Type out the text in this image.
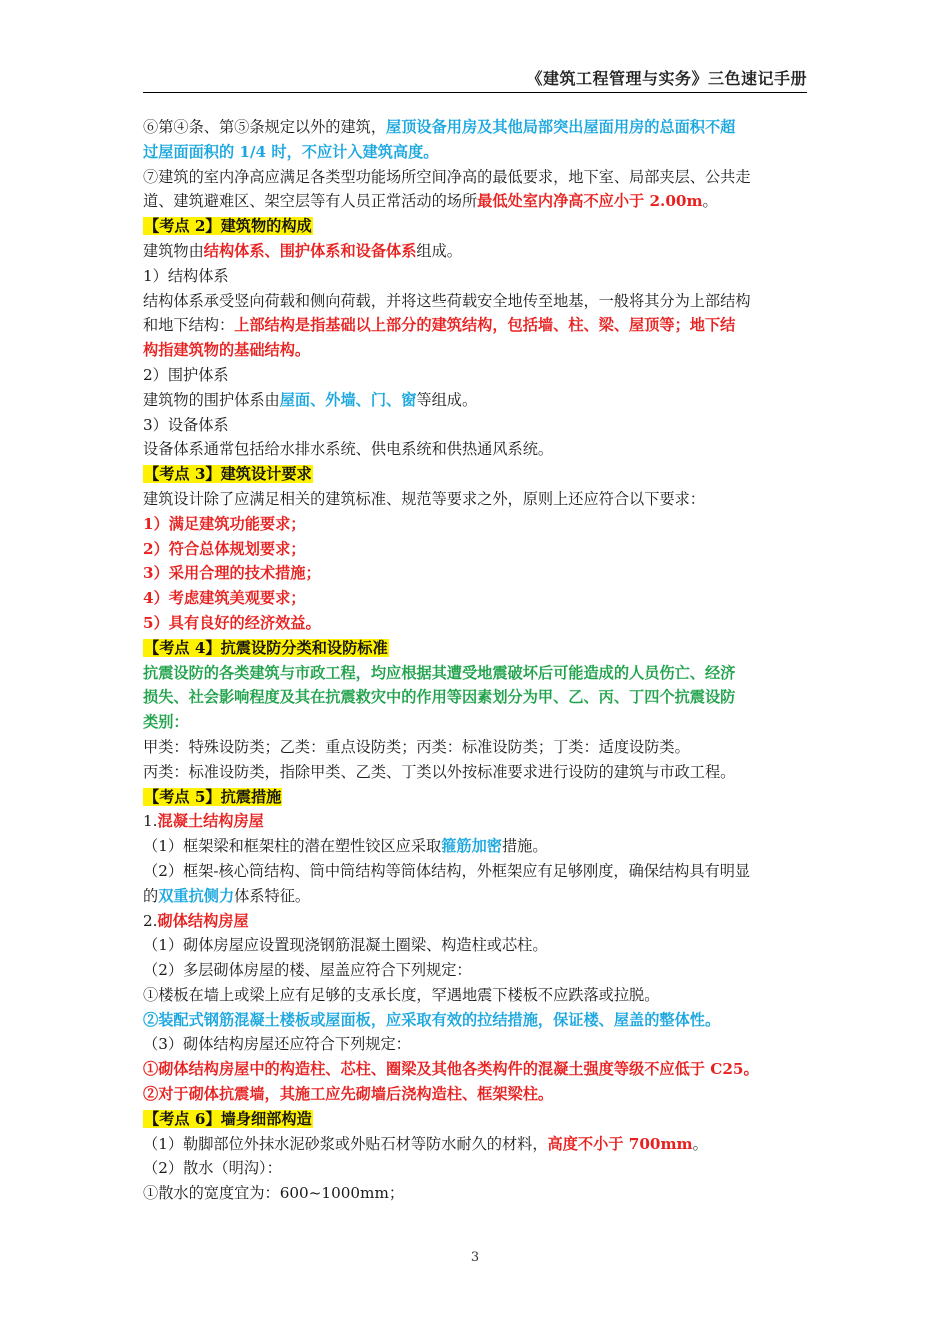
《建筑工程管理与实务》三色速记手册
⑥第④条、第⑤条规定以外的建筑，屋顶设备用房及其他局部突出屋面用房的总面积不超
过屋面面积的 1/4 时，不应计入建筑高度。
⑦建筑的室内净高应满足各类型功能场所空间净高的最低要求，地下室、局部夹层、公共走
道、建筑避难区、架空层等有人员正常活动的场所最低处室内净高不应小于 2.00m。
【考点 2】建筑物的构成
建筑物由结构体系、围护体系和设备体系组成。
1）结构体系
结构体系承受竖向荷载和侧向荷载，并将这些荷载安全地传至地基，一般将其分为上部结构
和地下结构：上部结构是指基础以上部分的建筑结构，包括墙、柱、梁、屋顶等；地下结
构指建筑物的基础结构。
2）围护体系
建筑物的围护体系由屋面、外墙、门、窗等组成。
3）设备体系
设备体系通常包括给水排水系统、供电系统和供热通风系统。
【考点 3】建筑设计要求
建筑设计除了应满足相关的建筑标准、规范等要求之外，原则上还应符合以下要求：
1）满足建筑功能要求；
2）符合总体规划要求；
3）采用合理的技术措施；
4）考虑建筑美观要求；
5）具有良好的经济效益。
【考点 4】抗震设防分类和设防标准
抗震设防的各类建筑与市政工程，均应根据其遭受地震破坏后可能造成的人员伤亡、经济
损失、社会影响程度及其在抗震救灾中的作用等因素划分为甲、乙、丙、丁四个抗震设防
类别：
甲类：特殊设防类；乙类：重点设防类；丙类：标准设防类；丁类：适度设防类。
丙类：标准设防类，指除甲类、乙类、丁类以外按标准要求进行设防的建筑与市政工程。
【考点 5】抗震措施
1.混凝土结构房屋
（1）框架梁和框架柱的潜在塑性铰区应采取箍筋加密措施。
（2）框架-核心筒结构、筒中筒结构等筒体结构，外框架应有足够刚度，确保结构具有明显
的双重抗侧力体系特征。
2.砌体结构房屋
（1）砌体房屋应设置现浇钢筋混凝土圈梁、构造柱或芯柱。
（2）多层砌体房屋的楼、屋盖应符合下列规定：
①楼板在墙上或梁上应有足够的支承长度，罕遇地震下楼板不应跌落或拉脱。
②装配式钢筋混凝土楼板或屋面板，应采取有效的拉结措施，保证楼、屋盖的整体性。
（3）砌体结构房屋还应符合下列规定：
①砌体结构房屋中的构造柱、芯柱、圈梁及其他各类构件的混凝土强度等级不应低于 C25。
②对于砌体抗震墙，其施工应先砌墙后浇构造柱、框架梁柱。
【考点 6】墙身细部构造
（1）勒脚部位外抹水泥砂浆或外贴石材等防水耐久的材料，高度不小于 700mm。
（2）散水（明沟）：
①散水的宽度宜为：600~1000mm；
3
